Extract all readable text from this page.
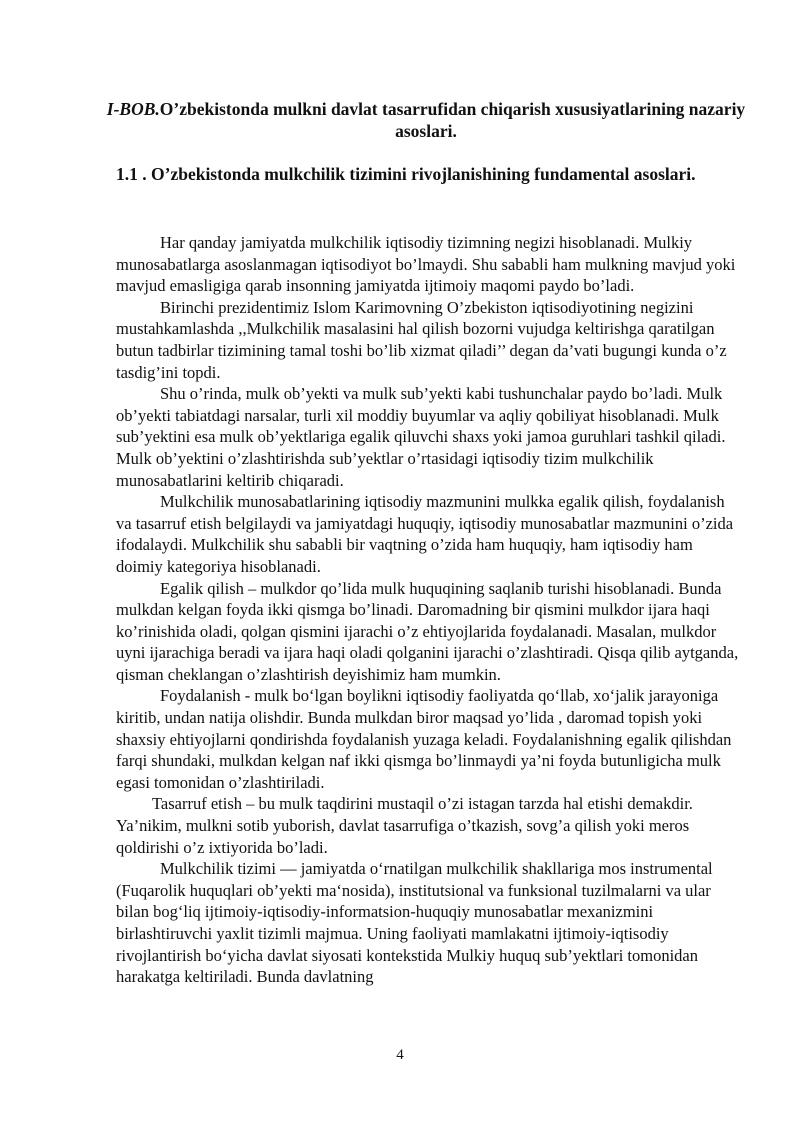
I-BOB.O’zbekistonda mulkni davlat tasarrufidan chiqarish xususiyatlarining nazariy asoslari.
1.1 . O’zbekistonda mulkchilik tizimini rivojlanishining fundamental asoslari.

Har qanday jamiyatda mulkchilik iqtisodiy tizimning negizi hisoblanadi. Mulkiy munosabatlarga asoslanmagan iqtisodiyot bo’lmaydi. Shu sababli ham mulkning mavjud yoki mavjud emasligiga qarab insonning jamiyatda ijtimoiy maqomi paydo bo’ladi.

Birinchi prezidentimiz Islom Karimovning O’zbekiston iqtisodiyotining negizini mustahkamlashda ,,Mulkchilik masalasini hal qilish bozorni vujudga keltirishga qaratilgan butun tadbirlar tizimining tamal toshi bo’lib xizmat qiladi’’ degan da’vati bugungi kunda o’z tasdig’ini topdi.

Shu o’rinda, mulk ob’yekti va mulk sub’yekti kabi tushunchalar paydo bo’ladi. Mulk ob’yekti tabiatdagi narsalar, turli xil moddiy buyumlar va aqliy qobiliyat hisoblanadi. Mulk sub’yektini esa mulk ob’yektlariga egalik qiluvchi shaxs yoki jamoa guruhlari tashkil qiladi. Mulk ob’yektini o’zlashtirishda sub’yektlar o’rtasidagi iqtisodiy tizim mulkchilik munosabatlarini keltirib chiqaradi.

Mulkchilik munosabatlarining iqtisodiy mazmunini mulkka egalik qilish, foydalanish va tasarruf etish belgilaydi va jamiyatdagi huquqiy, iqtisodiy munosabatlar mazmunini o’zida ifodalaydi. Mulkchilik shu sababli bir vaqtning o’zida ham huquqiy, ham iqtisodiy ham doimiy kategoriya hisoblanadi.

Egalik qilish – mulkdor qo’lida mulk huquqining saqlanib turishi hisoblanadi. Bunda mulkdan kelgan foyda ikki qismga bo’linadi. Daromadning bir qismini mulkdor ijara haqi ko’rinishida oladi, qolgan qismini ijarachi o’z ehtiyojlarida foydalanadi. Masalan, mulkdor uyni ijarachiga beradi va ijara haqi oladi qolganini ijarachi o’zlashtiradi. Qisqa qilib aytganda, qisman cheklangan o’zlashtirish deyishimiz ham mumkin.

Foydalanish - mulk bo‘lgan boylikni iqtisodiy faoliyatda qo‘llab, xo‘jalik jarayoniga kiritib, undan natija olishdir. Bunda mulkdan biror maqsad yo’lida , daromad topish yoki shaxsiy ehtiyojlarni qondirishda foydalanish yuzaga keladi. Foydalanishning egalik qilishdan farqi shundaki, mulkdan kelgan naf ikki qismga bo’linmaydi ya’ni foyda butunligicha mulk egasi tomonidan o’zlashtiriladi.

Tasarruf etish – bu mulk taqdirini mustaqil o’zi istagan tarzda hal etishi demakdir. Ya’nikim, mulkni sotib yuborish, davlat tasarrufiga o’tkazish, sovg’a qilish yoki meros qoldirishi o’z ixtiyorida bo’ladi.

Mulkchilik tizimi — jamiyatda o‘rnatilgan mulkchilik shakllariga mos instrumental (Fuqarolik huquqlari ob’yekti ma‘nosida), institutsional va funksional tuzilmalarni va ular bilan bog‘liq ijtimoiy-iqtisodiy-informatsion-huquqiy munosabatlar mexanizmini birlashtiruvchi yaxlit tizimli majmua. Uning faoliyati mamlakatni ijtimoiy-iqtisodiy rivojlantirish bo‘yicha davlat siyosati kontekstida Mulkiy huquq sub’yektlari tomonidan harakatga keltiriladi. Bunda davlatning

4
